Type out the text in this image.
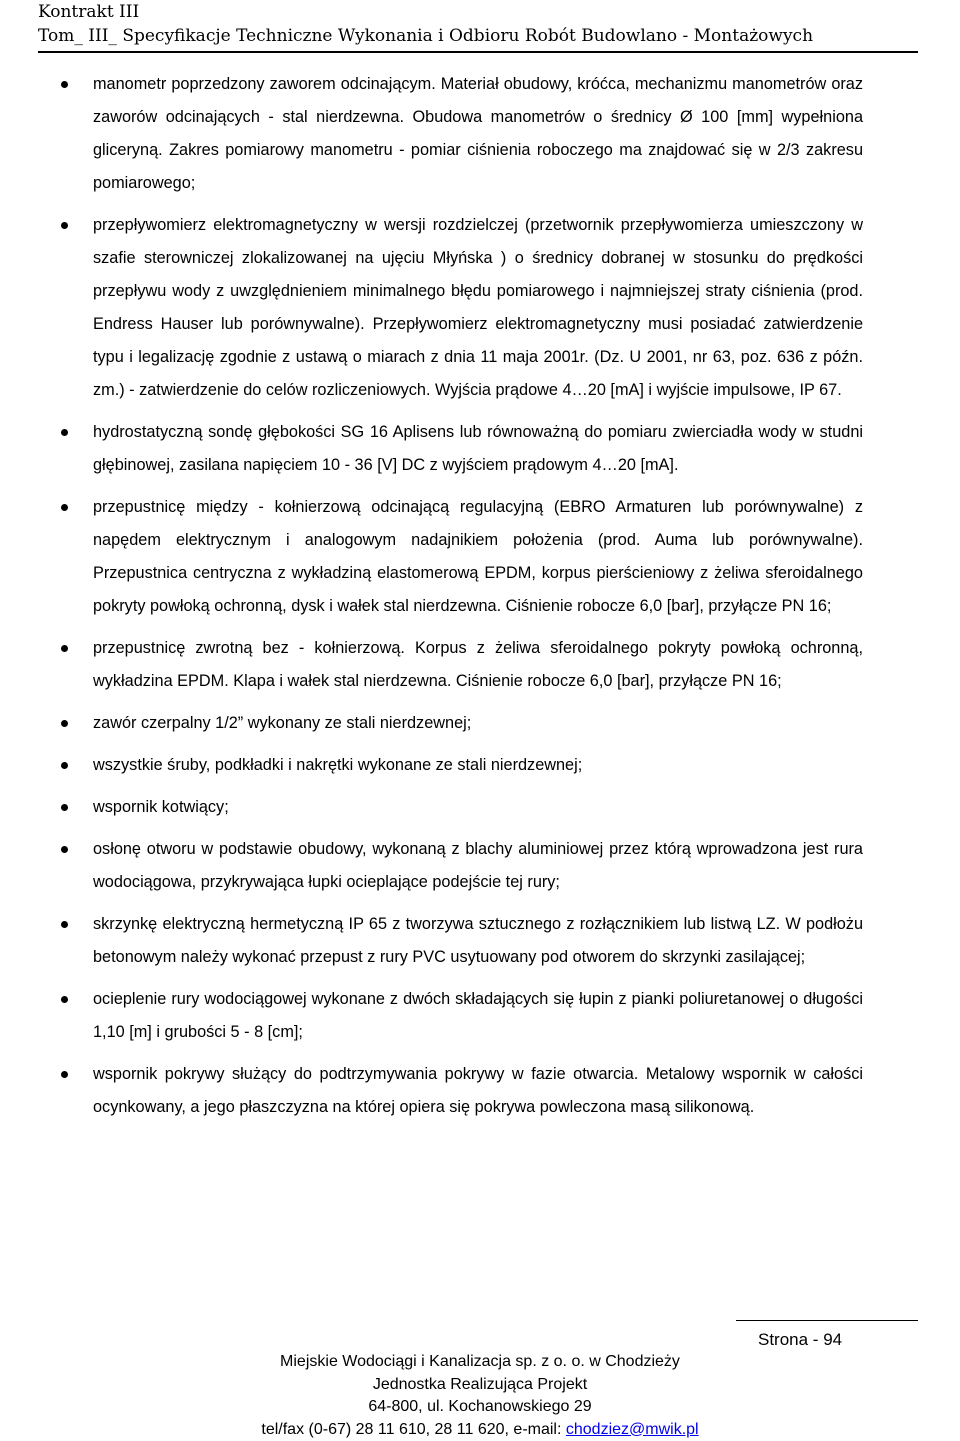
Kontrakt III
Tom_ III_ Specyfikacje Techniczne Wykonania i Odbioru Robót Budowlano - Montażowych
manometr poprzedzony zaworem odcinającym. Materiał obudowy, króćca, mechanizmu manometrów oraz zaworów odcinających - stal nierdzewna. Obudowa manometrów o średnicy Ø 100 [mm] wypełniona gliceryną. Zakres pomiarowy manometru - pomiar ciśnienia roboczego ma znajdować się w 2/3 zakresu pomiarowego;
przepływomierz elektromagnetyczny w wersji rozdzielczej (przetwornik przepływomierza umieszczony w szafie sterowniczej zlokalizowanej na ujęciu Młyńska ) o średnicy dobranej w stosunku do prędkości przepływu wody z uwzględnieniem minimalnego błędu pomiarowego i najmniejszej straty ciśnienia (prod. Endress Hauser lub porównywalne). Przepływomierz elektromagnetyczny musi posiadać zatwierdzenie typu i legalizację zgodnie z ustawą o miarach z dnia 11 maja 2001r. (Dz. U 2001, nr 63, poz. 636 z późn. zm.) - zatwierdzenie do celów rozliczeniowych. Wyjścia prądowe 4…20 [mA] i wyjście impulsowe, IP 67.
hydrostatyczną sondę głębokości SG 16 Aplisens lub równoważną do pomiaru zwierciadła wody w studni głębinowej, zasilana napięciem 10 - 36 [V] DC z wyjściem prądowym 4…20 [mA].
przepustnicę między - kołnierzową odcinającą regulacyjną (EBRO Armaturen lub porównywalne) z napędem elektrycznym i analogowym nadajnikiem położenia (prod. Auma lub porównywalne). Przepustnica centryczna z wykładziną elastomerową EPDM, korpus pierścieniowy z żeliwa sferoidalnego pokryty powłoką ochronną, dysk i wałek stal nierdzewna. Ciśnienie robocze 6,0 [bar], przyłącze PN 16;
przepustnicę zwrotną bez - kołnierzową. Korpus z żeliwa sferoidalnego pokryty powłoką ochronną, wykładzina EPDM. Klapa i wałek stal nierdzewna. Ciśnienie robocze 6,0 [bar], przyłącze PN 16;
zawór czerpalny 1/2” wykonany ze stali nierdzewnej;
wszystkie śruby, podkładki i nakrętki wykonane ze stali nierdzewnej;
wspornik kotwiący;
osłonę otworu w podstawie obudowy, wykonaną z blachy aluminiowej przez którą wprowadzona jest rura wodociągowa, przykrywająca łupki ocieplające podejście tej rury;
skrzynkę elektryczną hermetyczną IP 65 z tworzywa sztucznego z rozłącznikiem lub listwą LZ. W podłożu betonowym należy wykonać przepust z rury PVC usytuowany pod otworem do skrzynki zasilającej;
ocieplenie rury wodociągowej wykonane z dwóch składających się łupin z pianki poliuretanowej o długości 1,10 [m] i grubości 5 - 8 [cm];
wspornik pokrywy służący do podtrzymywania pokrywy w fazie otwarcia. Metalowy wspornik w całości ocynkowany, a jego płaszczyzna na której opiera się pokrywa powleczona masą silikonową.
Strona - 94
Miejskie Wodociągi i Kanalizacja sp. z o. o. w Chodzieży
Jednostka Realizująca Projekt
64-800, ul. Kochanowskiego 29
tel/fax (0-67) 28 11 610, 28 11 620, e-mail: chodziez@mwik.pl
